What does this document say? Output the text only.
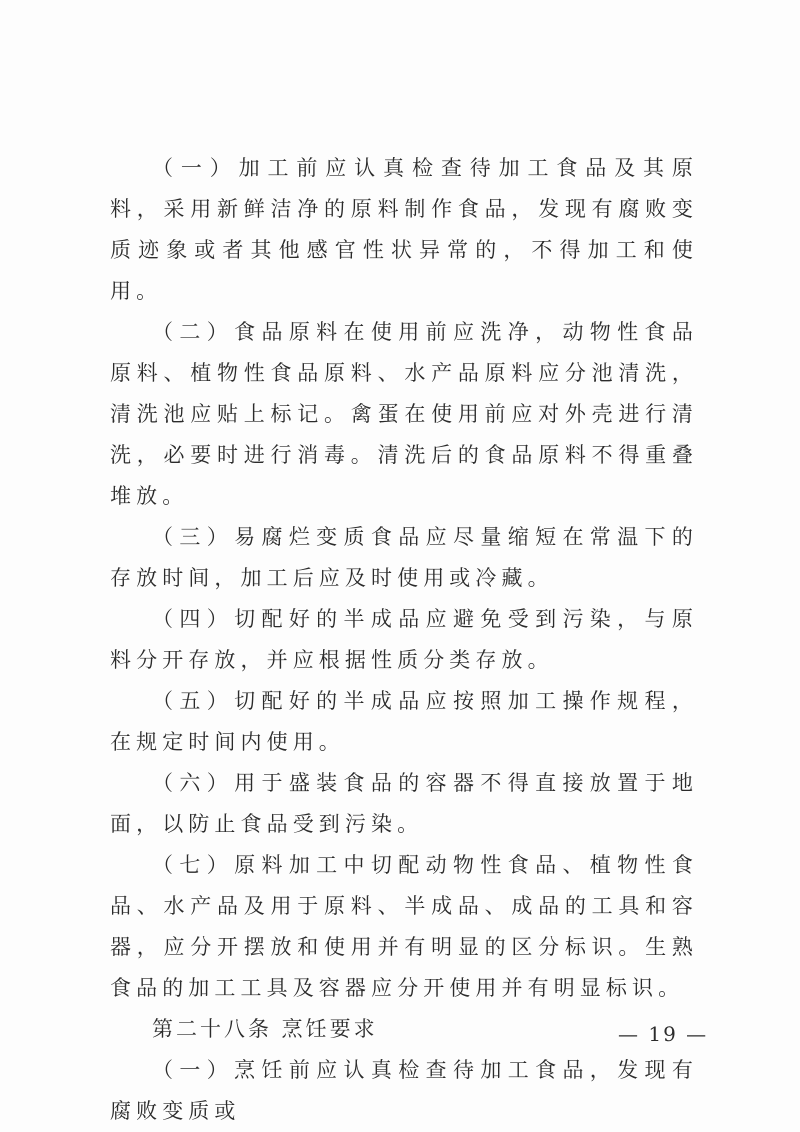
（一）加工前应认真检查待加工食品及其原料，采用新鲜洁净的原料制作食品，发现有腐败变质迹象或者其他感官性状异常的，不得加工和使用。

（二）食品原料在使用前应洗净，动物性食品原料、植物性食品原料、水产品原料应分池清洗，清洗池应贴上标记。禽蛋在使用前应对外壳进行清洗，必要时进行消毒。清洗后的食品原料不得重叠堆放。

（三）易腐烂变质食品应尽量缩短在常温下的存放时间，加工后应及时使用或冷藏。

（四）切配好的半成品应避免受到污染，与原料分开存放，并应根据性质分类存放。

（五）切配好的半成品应按照加工操作规程，在规定时间内使用。

（六）用于盛装食品的容器不得直接放置于地面，以防止食品受到污染。

（七）原料加工中切配动物性食品、植物性食品、水产品及用于原料、半成品、成品的工具和容器，应分开摆放和使用并有明显的区分标识。生熟食品的加工工具及容器应分开使用并有明显标识。

第二十八条 烹饪要求

（一）烹饪前应认真检查待加工食品，发现有腐败变质或

— 19 —
